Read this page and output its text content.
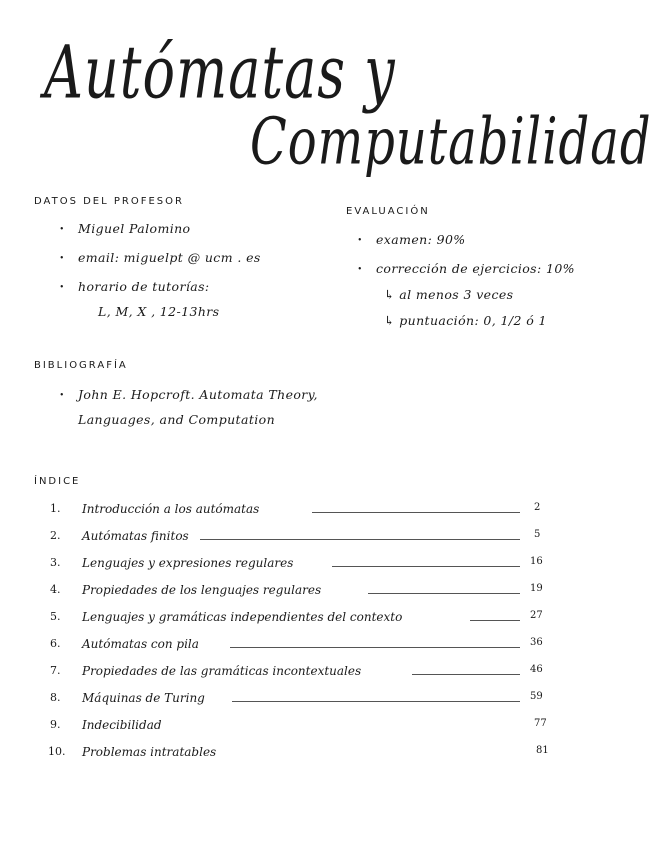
Autómatas y
Computabilidad
DATOS DEL PROFESOR
• Miguel Palomino
• email: miguelpt @ ucm . es
• horario de tutorías:
L, M, X , 12-13hrs
EVALUACIÓN
• examen: 90%
• corrección de ejercicios: 10%
↳ al menos 3 veces
↳ puntuación: 0, 1/2 ó 1
BIBLIOGRAFÍA
• John E. Hopcroft. Automata Theory,
Languages, and Computation
ÍNDICE
1. Introducción a los autómatas	2
2. Autómatas finitos	5
3. Lenguajes y expresiones regulares	16
4. Propiedades de los lenguajes regulares	19
5. Lenguajes y gramáticas independientes del contexto	27
6. Autómatas con pila	36
7. Propiedades de las gramáticas incontextuales	46
8. Máquinas de Turing	59
9. Indecibilidad	77
10. Problemas intratables	81
